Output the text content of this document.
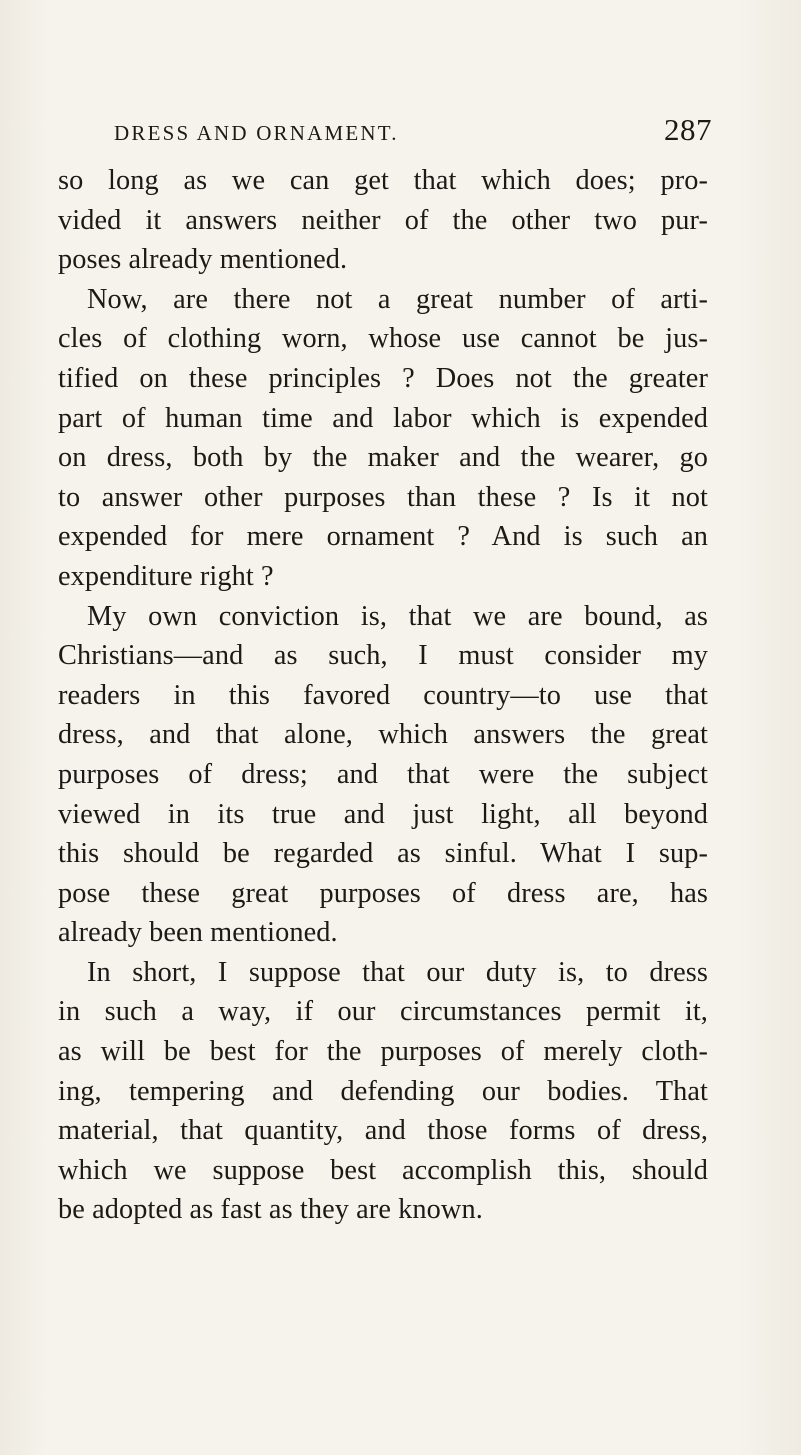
DRESS AND ORNAMENT.	287
so long as we can get that which does; pro-
vided it answers neither of the other two pur-
poses already mentioned.
Now, are there not a great number of arti-
cles of clothing worn, whose use cannot be jus-
tified on these principles ? Does not the greater
part of human time and labor which is expended
on dress, both by the maker and the wearer, go
to answer other purposes than these ? Is it not
expended for mere ornament ? And is such an
expenditure right ?
My own conviction is, that we are bound, as
Christians—and as such, I must consider my
readers in this favored country—to use that
dress, and that alone, which answers the great
purposes of dress; and that were the subject
viewed in its true and just light, all beyond
this should be regarded as sinful. What I sup-
pose these great purposes of dress are, has
already been mentioned.
In short, I suppose that our duty is, to dress
in such a way, if our circumstances permit it,
as will be best for the purposes of merely cloth-
ing, tempering and defending our bodies. That
material, that quantity, and those forms of dress,
which we suppose best accomplish this, should
be adopted as fast as they are known.
